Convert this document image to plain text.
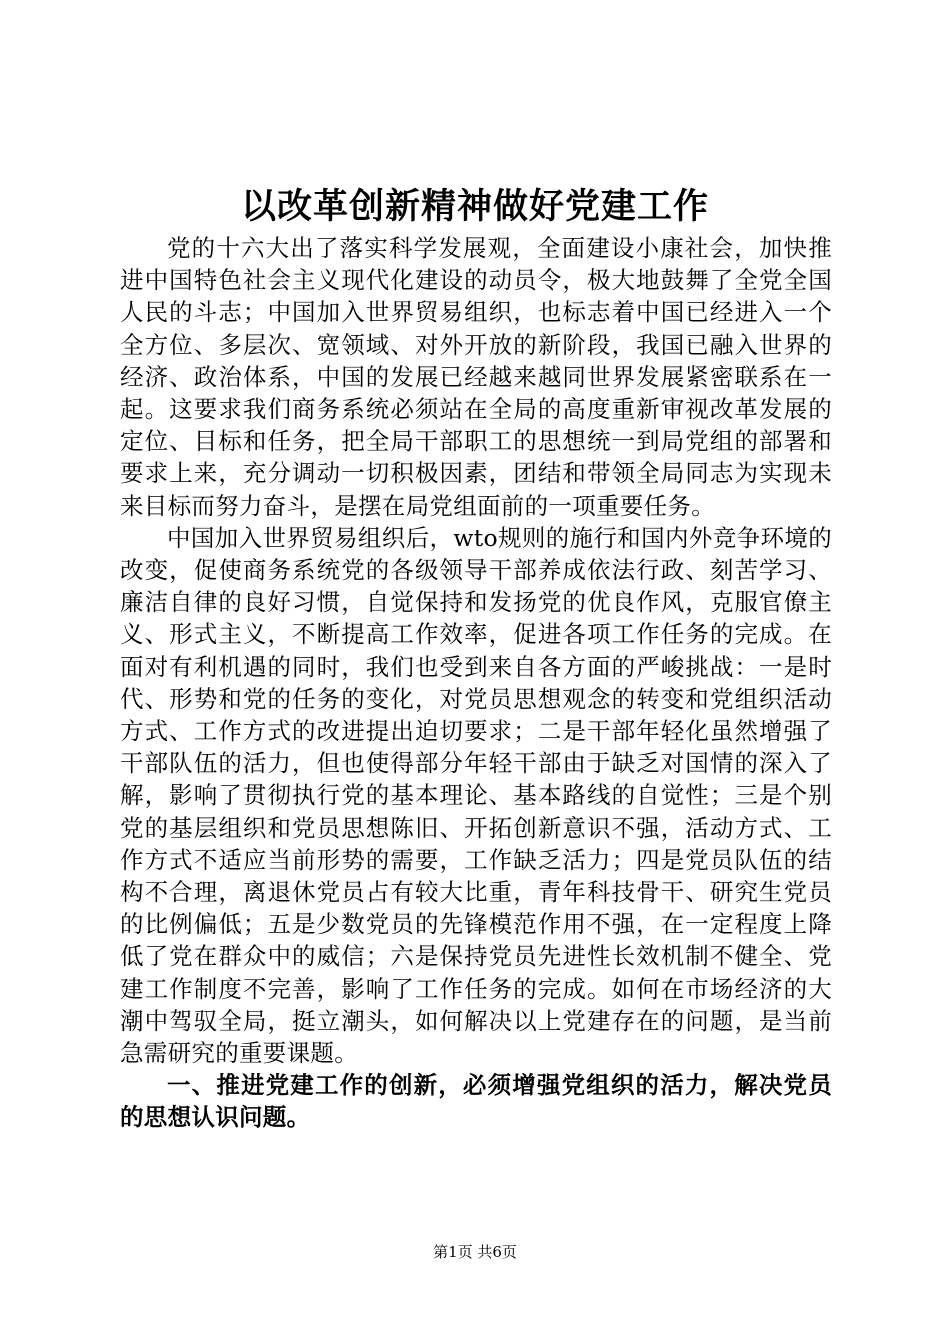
以改革创新精神做好党建工作

党的十六大出了落实科学发展观，全面建设小康社会，加快推进中国特色社会主义现代化建设的动员令，极大地鼓舞了全党全国人民的斗志；中国加入世界贸易组织，也标志着中国已经进入一个全方位、多层次、宽领域、对外开放的新阶段，我国已融入世界的经济、政治体系，中国的发展已经越来越同世界发展紧密联系在一起。这要求我们商务系统必须站在全局的高度重新审视改革发展的定位、目标和任务，把全局干部职工的思想统一到局党组的部署和要求上来，充分调动一切积极因素，团结和带领全局同志为实现未来目标而努力奋斗，是摆在局党组面前的一项重要任务。

中国加入世界贸易组织后，wto规则的施行和国内外竞争环境的改变，促使商务系统党的各级领导干部养成依法行政、刻苦学习、廉洁自律的良好习惯，自觉保持和发扬党的优良作风，克服官僚主义、形式主义，不断提高工作效率，促进各项工作任务的完成。在面对有利机遇的同时，我们也受到来自各方面的严峻挑战：一是时代、形势和党的任务的变化，对党员思想观念的转变和党组织活动方式、工作方式的改进提出迫切要求；二是干部年轻化虽然增强了干部队伍的活力，但也使得部分年轻干部由于缺乏对国情的深入了解，影响了贯彻执行党的基本理论、基本路线的自觉性；三是个别党的基层组织和党员思想陈旧、开拓创新意识不强，活动方式、工作方式不适应当前形势的需要，工作缺乏活力；四是党员队伍的结构不合理，离退休党员占有较大比重，青年科技骨干、研究生党员的比例偏低；五是少数党员的先锋模范作用不强，在一定程度上降低了党在群众中的威信；六是保持党员先进性长效机制不健全、党建工作制度不完善，影响了工作任务的完成。如何在市场经济的大潮中驾驭全局，挺立潮头，如何解决以上党建存在的问题，是当前急需研究的重要课题。

一、推进党建工作的创新，必须增强党组织的活力，解决党员的思想认识问题。

第1页 共6页
